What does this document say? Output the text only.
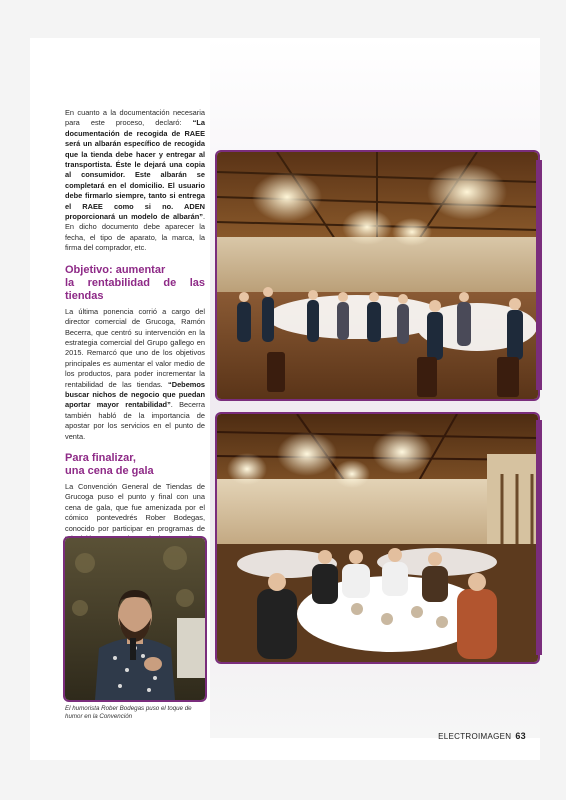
En cuanto a la documentación necesaria para este proceso, declaró: “La documentación de recogida de RAEE será un albarán específico de recogida que la tienda debe hacer y entregar al transportista. Éste le dejará una copia al consumidor. Este albarán se completará en el domicilio. El usuario debe firmarlo siempre, tanto si entrega el RAEE como si no. ADEN proporcionará un modelo de albarán”. En dicho documento debe aparecer la fecha, el tipo de aparato, la marca, la firma del comprador, etc.

Objetivo: aumentar
la rentabilidad de las tiendas

La última ponencia corrió a cargo del director comercial de Grucoga, Ramón Becerra, que centró su intervención en la estrategia comercial del Grupo gallego en 2015. Remarcó que uno de los objetivos principales es aumentar el valor medio de los productos, para poder incrementar la rentabilidad de las tiendas. “Debemos buscar nichos de negocio que puedan aportar mayor rentabilidad”. Becerra también habló de la importancia de apostar por los servicios en el punto de venta.

Para finalizar,
una cena de gala

La Convención General de Tiendas de Grucoga puso el punto y final con una cena de gala, que fue amenizada por el cómico pontevedrés Rober Bodegas, conocido por participar en programas de

El humorista Rober Bodegas puso el toque de humor en la Convención
ELECTROIMAGEN 63
